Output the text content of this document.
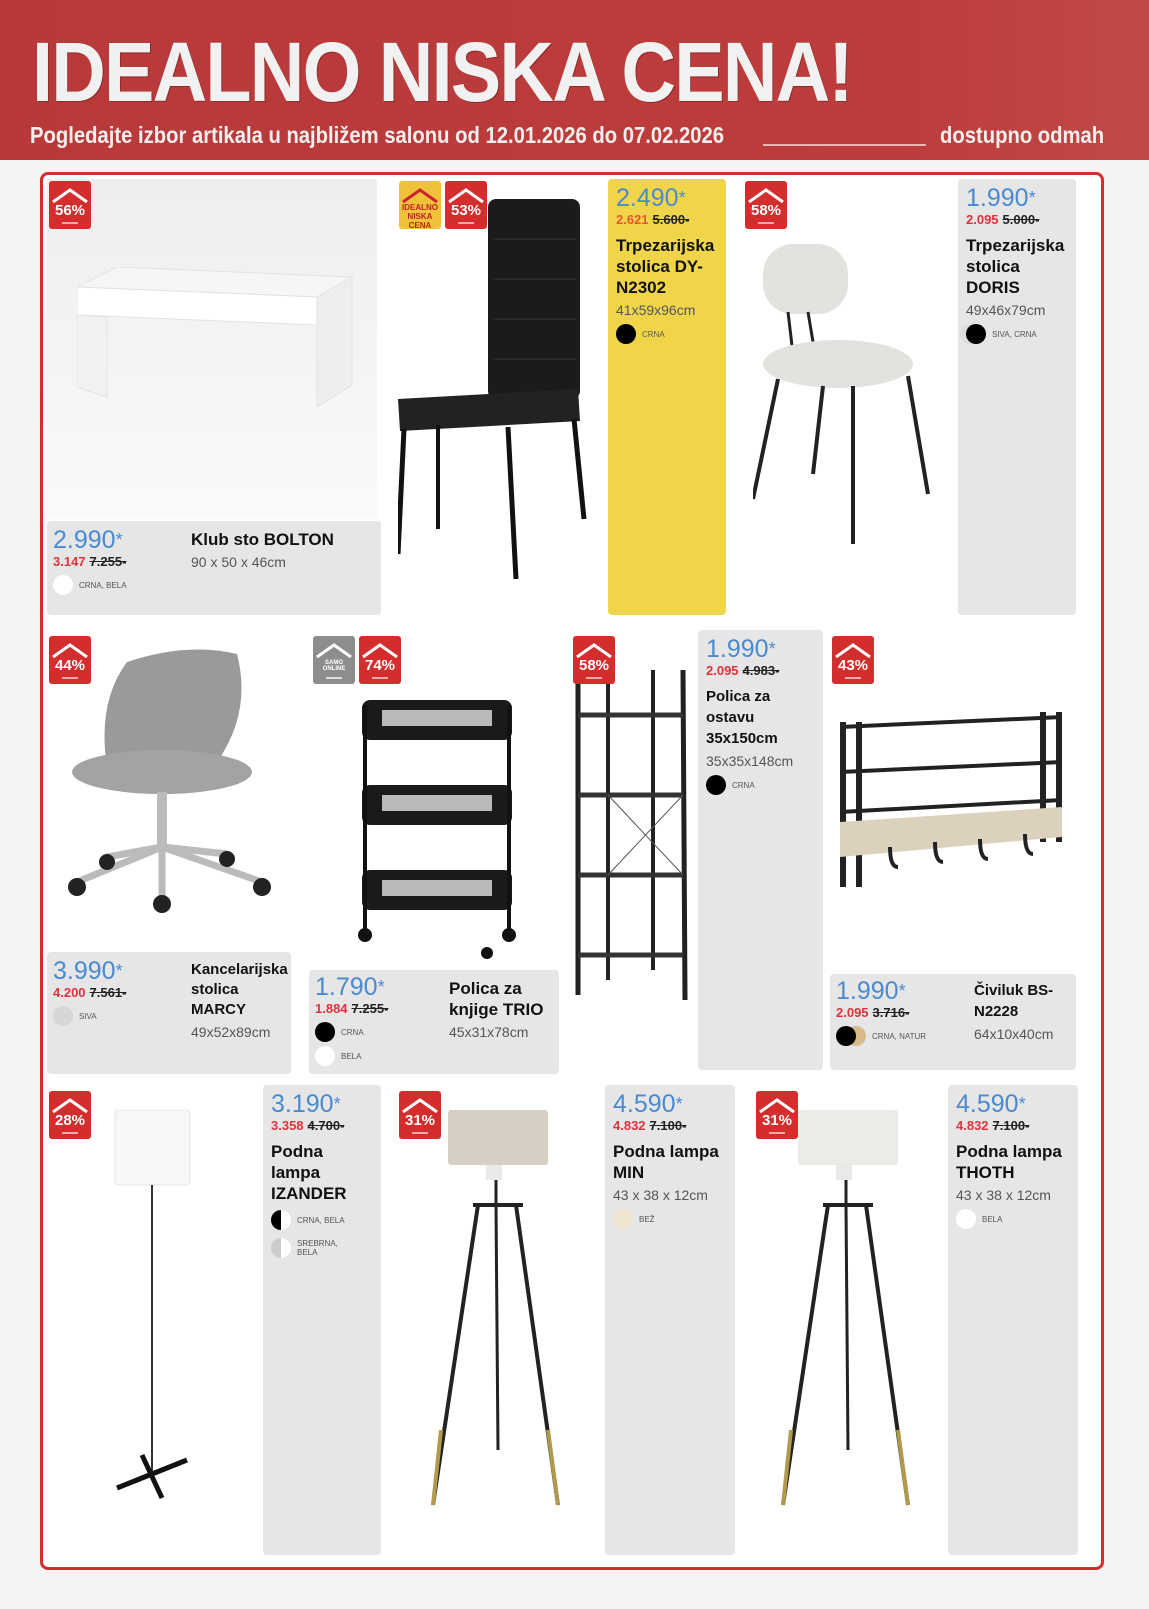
IDEALNO NISKA CENA!
Pogledajte izbor artikala u najbližem salonu od 12.01.2026 do 07.02.2026	dostupno odmah
56%
2.990*
3.147 7.255-
CRNA, BELA
Klub sto BOLTON
90 x 50 x 46cm
IDEALNO NISKA CENA
53%	2.490*
2.621 5.600-
Trpezarijska stolica DY-N2302
41x59x96cm
CRNA
58%	1.990*
2.095 5.000-
Trpezarijska stolica DORIS
49x46x79cm
SIVA, CRNA
44%
3.990*
4.200 7.561-
SIVA
Kancelarijska stolica MARCY
49x52x89cm
SAMO ONLINE	74%
1.790*
1.884 7.255-
CRNA
BELA
Polica za knjige TRIO
45x31x78cm
58%
1.990*
2.095 4.983-
Polica za ostavu 35x150cm
35x35x148cm
CRNA
43%
1.990*
2.095 3.716-
CRNA, NATUR
Čiviluk BS-N2228
64x10x40cm
28%
3.190*
3.358 4.700-
Podna lampa IZANDER
CRNA, BELA
SREBRNA, BELA
31%
4.590*
4.832 7.100-
Podna lampa MIN
43 x 38 x 12cm
BEŽ
31%
4.590*
4.832 7.100-
Podna lampa THOTH
43 x 38 x 12cm
BELA
